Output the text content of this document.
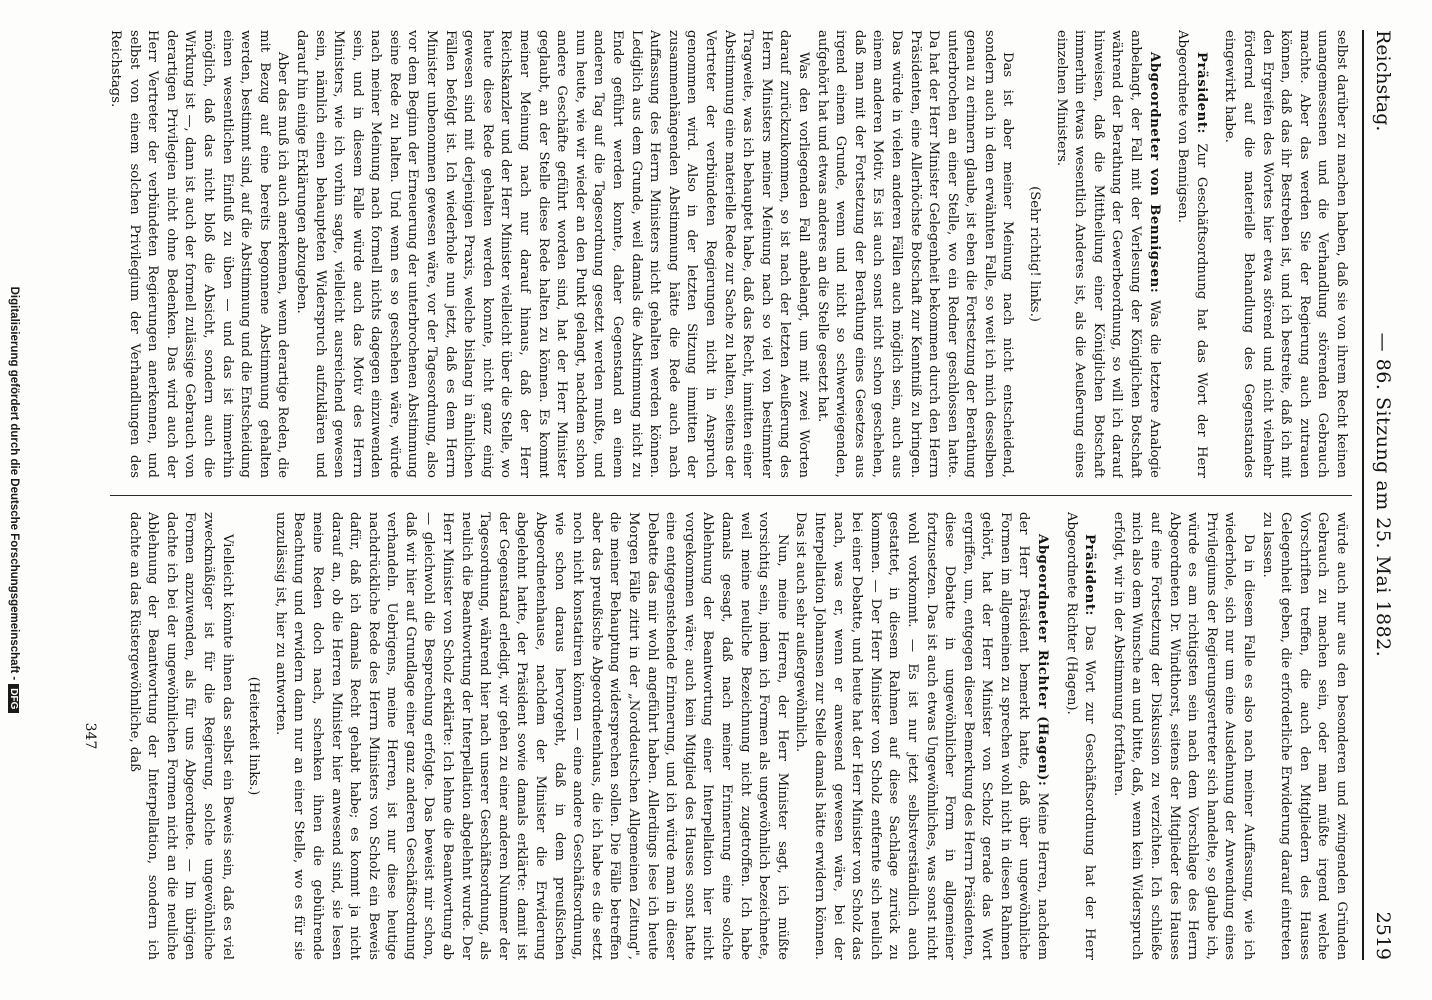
Reichstag.
— 86. Sitzung am 25. Mai 1882.
2519

selbst darüber zu machen haben, daß sie von ihrem Recht keinen unangemessenen und die Verhandlung störenden Gebrauch machte. Aber das werden Sie der Regierung auch zutrauen können, daß das ihr Bestreben ist, und ich bestreite, daß ich mit den Ergreifen des Wortes hier etwa störend und nicht vielmehr fördernd auf die materielle Behandlung des Gegenstandes eingewirkt habe.

Präsident: Zur Geschäftsordnung hat das Wort der Herr Abgeordnete von Bennigsen.

Abgeordneter von Bennigsen: Was die letztere Analogie anbelangt, der Fall mit der Verlesung der Königlichen Botschaft während der Berathung der Gewerbeordnung, so will ich darauf hinweisen, daß die Mittheilung einer Königlichen Botschaft immerhin etwas wesentlich Anderes ist, als die Aeußerung eines einzelnen Ministers.

(Sehr richtig! links.)

Das ist aber meiner Meinung nach nicht entscheidend, sondern auch in dem erwähnten Falle, so weit ich mich desselben genau zu erinnern glaube, ist eben die Fortsetzung der Berathung unterbrochen an einer Stelle, wo ein Redner geschlossen hatte. Da hat der Herr Minister Gelegenheit bekommen durch den Herrn Präsidenten, eine Allerhöchste Botschaft zur Kenntniß zu bringen. Das würde in vielen anderen Fällen auch möglich sein, auch aus einem anderen Motiv. Es ist auch sonst nicht schon geschehen, daß man mit der Fortsetzung der Berathung eines Gesetzes aus irgend einem Grunde, wenn und nicht so schwerwiegenden, aufgehört hat und etwas anderes an die Stelle gesetzt hat.

Was den vorliegenden Fall anbelangt, um mit zwei Worten darauf zurückzukommen, so ist nach der letzten Aeußerung des Herrn Ministers meiner Meinung nach so viel von bestimmter Tragweite, was ich behauptet habe, daß das Recht, inmitten einer Abstimmung eine materielle Rede zur Sache zu halten, seitens der Vertreter der verbündeten Regierungen nicht in Anspruch genommen wird. Also in der letzten Sitzung inmitten der zusammenhängenden Abstimmung hätte die Rede auch nach Auffassung des Herrn Ministers nicht gehalten werden können. Lediglich aus dem Grunde, weil damals die Abstimmung nicht zu Ende geführt werden konnte, daher Gegenstand an einem anderen Tag auf die Tagesordnung gesetzt werden mußte, und nun heute, wie wir wieder an den Punkt gelangt, nachdem schon andere Geschäfte geführt worden sind, hat der Herr Minister geglaubt, an der Stelle diese Rede halten zu können. Es kommt meiner Meinung nach nur darauf hinaus, daß der Herr Reichskanzler und der Herr Minister vielleicht über die Stelle, wo heute diese Rede gehalten werden konnte, nicht ganz einig gewesen sind mit derjenigen Praxis, welche bislang in ähnlichen Fällen befolgt ist. Ich wiederhole nun jetzt, daß es dem Herrn Minister unbenommen gewesen wäre, vor der Tagesordnung, also vor dem Beginn der Erneuerung der unterbrochenen Abstimmung seine Rede zu halten. Und wenn es so geschehen wäre, würde nach meiner Meinung nach formell nichts dagegen einzuwenden sein, und in diesem Falle würde auch das Motiv des Herrn Ministers, wie ich vorhin sagte, vielleicht ausreichend gewesen sein, nämlich einen behaupteten Widerspruch aufzuklären und darauf hin einige Erklärungen abzugeben.

Aber das muß ich auch anerkennen, wenn derartige Reden, die mit Bezug auf eine bereits begonnene Abstimmung gehalten werden, bestimmt sind, auf die Abstimmung und die Entscheidung einen wesentlichen Einfluß zu üben — und das ist immerhin möglich, daß das nicht bloß die Absicht, sondern auch die Wirkung ist —, dann ist auch der formell zulässige Gebrauch von derartigen Privilegien nicht ohne Bedenken. Das wird auch der Herr Vertreter der verbündeten Regierungen anerkennen, und selbst von einem solchen Privilegium der Verhandlungen des Reichstags.

würde auch nur aus den besonderen und zwingenden Gründen Gebrauch zu machen sein, oder man müßte irgend welche Vorschriften treffen, die auch den Mitgliedern des Hauses Gelegenheit geben, die erforderliche Erwiderung darauf eintreten zu lassen.

Da in diesem Falle es also nach meiner Auffassung, wie ich wiederhole, sich nur um eine Ausdehnung der Anwendung eines Privilegiums der Regierungsvertreter sich handelte, so glaube ich, würde es am richtigsten sein nach dem Vorschlage des Herrn Abgeordneten Dr. Windthorst, seitens der Mitglieder des Hauses auf eine Fortsetzung der Diskussion zu verzichten. Ich schließe mich also dem Wunsche an und bitte, daß, wenn kein Widerspruch erfolgt, wir in der Abstimmung fortfahren.

Präsident: Das Wort zur Geschäftsordnung hat der Herr Abgeordnete Richter (Hagen).

Abgeordneter Richter (Hagen): Meine Herren, nachdem der Herr Präsident bemerkt hatte, daß über ungewöhnliche Formen im allgemeinen zu sprechen wohl nicht in diesen Rahmen gehört, hat der Herr Minister von Scholz gerade das Wort ergriffen, um, entgegen dieser Bemerkung des Herrn Präsidenten, diese Debatte in ungewöhnlicher Form in allgemeiner fortzusetzen. Das ist auch etwas Ungewöhnliches, was sonst nicht wohl vorkommt. — Es ist nur jetzt selbstverständlich auch gestattet, in diesem Rahmen auf diese Sachlage zurück zu kommen. — Der Herr Minister von Scholz entfernte sich neulich bei einer Debatte, und heute hat der Herr Minister von Scholz das nach, was er, wenn er anwesend gewesen wäre, bei der Interpellation Johannsen zur Stelle damals hätte erwidern können. Das ist auch sehr außergewöhnlich.

Nun, meine Herren, der Herr Minister sagt, ich müßte vorsichtig sein, indem ich Formen als ungewöhnlich bezeichnete, weil meine neuliche Bezeichnung nicht zugetroffen. Ich habe damals gesagt, daß nach meiner Erinnerung eine solche Ablehnung der Beantwortung einer Interpellation hier nicht vorgekommen wäre; auch kein Mitglied des Hauses sonst hatte eine entgegenstehende Erinnerung, und ich würde man in dieser Debatte das mir wohl angeführt haben. Allerdings lese ich heute Morgen Fälle zitirt in der „Norddeutschen Allgemeinen Zeitung", die meiner Behauptung widersprechen sollen. Die Fälle betreffen aber das preußische Abgeordnetenhaus, die ich habe es die setzt noch nicht konstatiren können — eine andere Geschäftsordnung, wie schon daraus hervorgeht, daß in dem preußischen Abgeordnetenhause, nachdem der Minister die Erwiderung abgelehnt hatte, der Präsident sowie damals erklärte: damit ist der Gegenstand erledigt, wir gehen zu einer anderen Nummer der Tagesordnung, während hier nach unserer Geschäftsordnung, als neulich die Beantwortung der Interpellation abgelehnt wurde. Der Herr Minister von Scholz erklärte: Ich lehne die Beantwortung ab — gleichwohl die Besprechung erfolgte. Das beweist mir schon, daß wir hier auf Grundlage einer ganz anderen Geschäftsordnung verhandeln. Uebrigens, meine Herren, ist nur diese heutige nachdrückliche Rede des Herrn Ministers von Scholz ein Beweis dafür, daß ich damals Recht gehabt habe; es kommt ja nicht darauf an, ob die Herren Minister hier anwesend sind, sie lesen meine Reden doch nach, schenken ihnen die gebührende Beachtung und erwidern dann nur an einer Stelle, wo es für sie unzulässig ist, hier zu antworten.

(Heiterkeit links.)

Vielleicht könnte ihnen das selbst ein Beweis sein, daß es viel zweckmäßiger ist für die Regierung, solche ungewöhnliche Formen anzuwenden, als für uns Abgeordnete. — Im übrigen dachte ich bei der ungewöhnlichen Formen nicht an die neuliche Ablehnung der Beantwortung der Interpellation, sondern ich dachte an das Rüstergewöhnliche, daß

347
Digitalisierung gefördert durch die Deutsche Forschungsgemeinschaft -DFG
